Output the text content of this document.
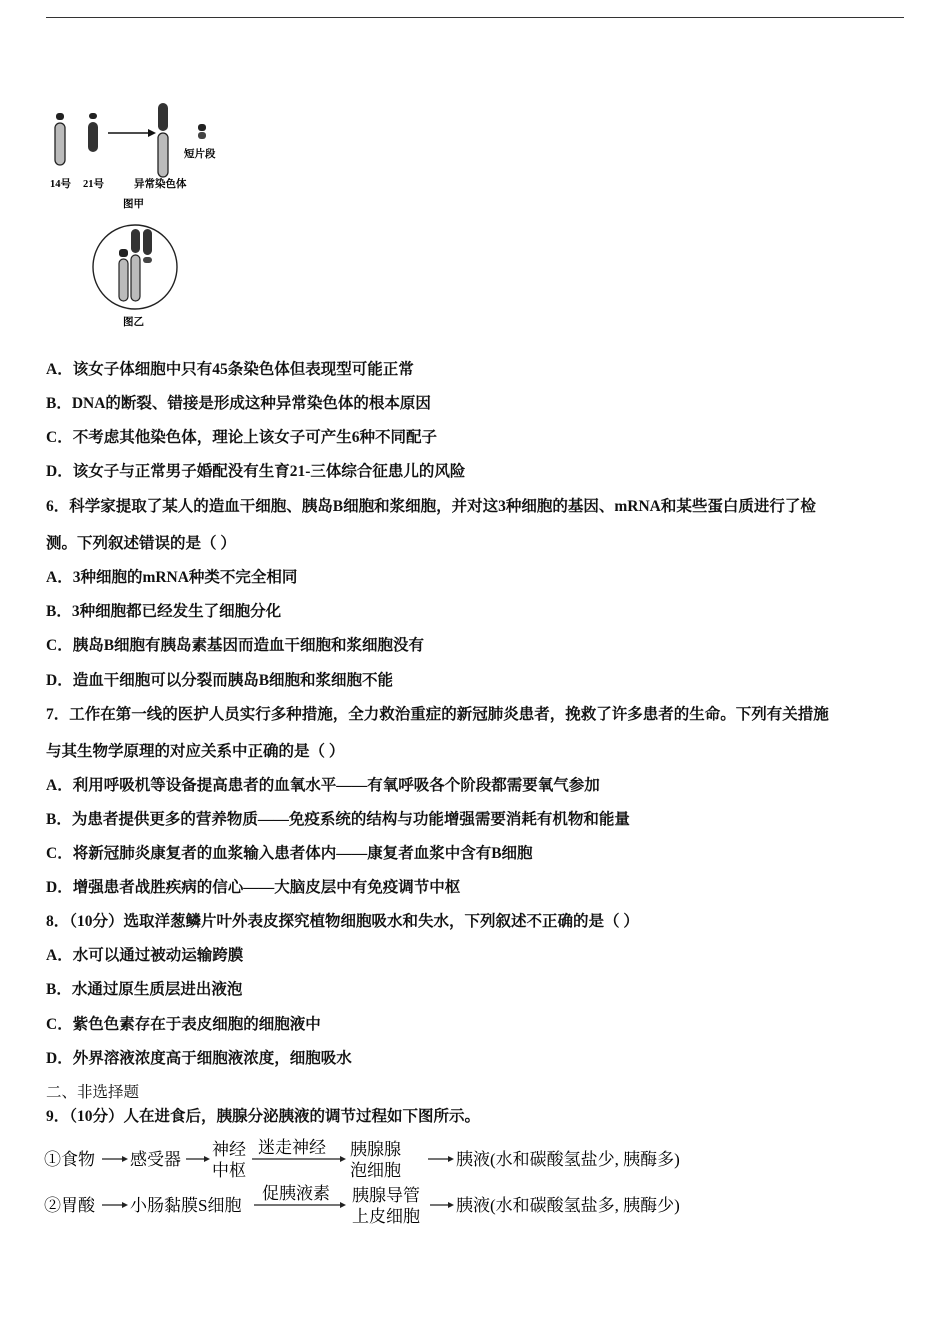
14号 21号	异常染色体
短片段
图甲
图乙
A．该女子体细胞中只有45条染色体但表现型可能正常
B．DNA的断裂、错接是形成这种异常染色体的根本原因
C．不考虑其他染色体，理论上该女子可产生6种不同配子
D．该女子与正常男子婚配没有生育21-三体综合征患儿的风险
6．科学家提取了某人的造血干细胞、胰岛B细胞和浆细胞，并对这3种细胞的基因、mRNA和某些蛋白质进行了检
测。下列叙述错误的是（ ）
A．3种细胞的mRNA种类不完全相同
B．3种细胞都已经发生了细胞分化
C．胰岛B细胞有胰岛素基因而造血干细胞和浆细胞没有
D．造血干细胞可以分裂而胰岛B细胞和浆细胞不能
7．工作在第一线的医护人员实行多种措施，全力救治重症的新冠肺炎患者，挽救了许多患者的生命。下列有关措施
与其生物学原理的对应关系中正确的是（ ）
A．利用呼吸机等设备提高患者的血氧水平——有氧呼吸各个阶段都需要氧气参加
B．为患者提供更多的营养物质——免疫系统的结构与功能增强需要消耗有机物和能量
C．将新冠肺炎康复者的血浆输入患者体内——康复者血浆中含有B细胞
D．增强患者战胜疾病的信心——大脑皮层中有免疫调节中枢
8．（10分）选取洋葱鳞片叶外表皮探究植物细胞吸水和失水，下列叙述不正确的是（ ）
A．水可以通过被动运输跨膜
B．水通过原生质层进出液泡
C．紫色色素存在于表皮细胞的细胞液中
D．外界溶液浓度高于细胞液浓度，细胞吸水
二、非选择题
9．（10分）人在进食后，胰腺分泌胰液的调节过程如下图所示。
①食物 感受器
神经
中枢
迷走神经 胰腺腺
泡细胞
胰液(水和碳酸氢盐少, 胰酶多)
②胃酸 小肠黏膜S细胞
促胰液素 胰腺导管
上皮细胞
胰液(水和碳酸氢盐多, 胰酶少)
